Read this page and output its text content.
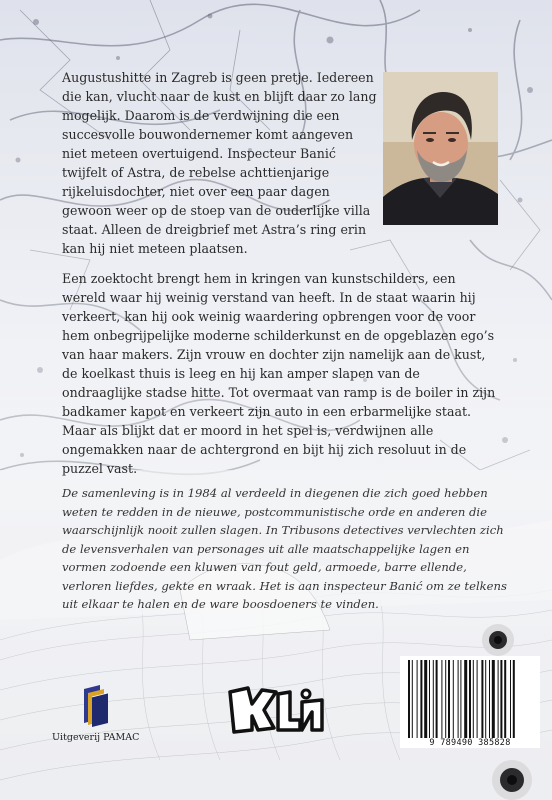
Augustushitte in Zagreb is geen pretje. Iedereen die kan, vlucht naar de kust en blijft daar zo lang mogelijk. Daarom is de verdwijning die een succesvolle bouwondernemer komt aangeven niet meteen overtuigend. Inspecteur Banić twijfelt of Astra, de rebelse achttienjarige rijkeluisdochter, niet over een paar dagen gewoon weer op de stoep van de ouderlijke villa staat. Alleen de dreigbrief met Astra’s ring erin kan hij niet meteen plaatsen.

Een zoektocht brengt hem in kringen van kunstschilders, een wereld waar hij weinig verstand van heeft. In de staat waarin hij verkeert, kan hij ook weinig waardering opbrengen voor de voor hem onbegrijpelijke moderne schilderkunst en de opgeblazen ego’s van haar makers. Zijn vrouw en dochter zijn namelijk aan de kust, de koelkast thuis is leeg en hij kan amper slapen van de ondraaglijke stadse hitte. Tot overmaat van ramp is de boiler in zijn badkamer kapot en verkeert zijn auto in een erbarmelijke staat. Maar als blijkt dat er moord in het spel is, verdwijnen alle ongemakken naar de achtergrond en bijt hij zich resoluut in de puzzel vast.

De samenleving is in 1984 al verdeeld in diegenen die zich goed hebben weten te redden in de nieuwe, postcommunistische orde en anderen die waarschijnlijk nooit zullen slagen. In Tribusons detectives vervlechten zich de levensverhalen van personages uit alle maatschappelijke lagen en vormen zodoende een kluwen van fout geld, armoede, barre ellende, verloren liefdes, gekte en wraak. Het is aan inspecteur Banić om ze telkens uit elkaar te halen en de ware boosdoeners te vinden.

Uitgeverij PAMAC	9 789490 385828
